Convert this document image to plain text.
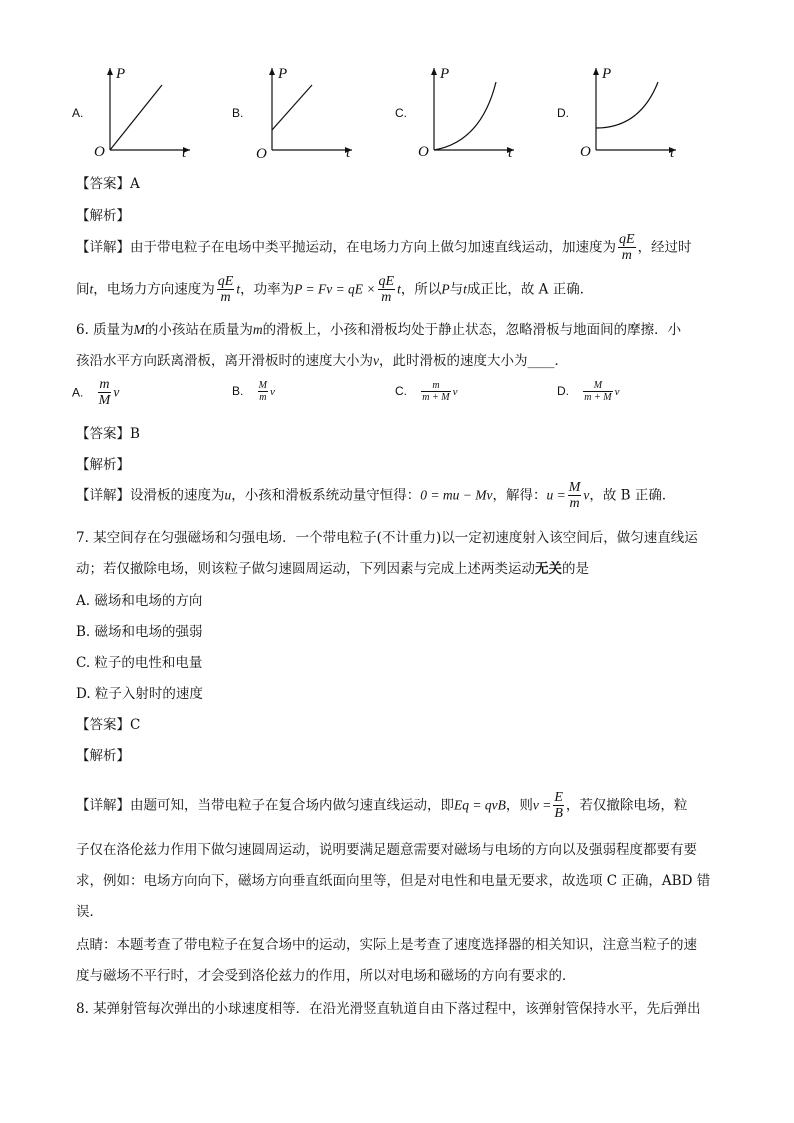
A.
P
t
O
B.
P
t
O
C.
P
t
O
D.
P
t
O
【答案】A
【解析】
【详解】由于带电粒子在电场中类平抛运动，在电场力方向上做匀加速直线运动，加速度为 $\frac{qE}{m}$ ，经过时
间t，电场力方向速度为 $\frac{qE}{m}$ t，功率为P = Fv = qE × $\frac{qE}{m}$ t，所以P与t成正比，故 A 正确．
6. 质量为M的小孩站在质量为m的滑板上，小孩和滑板均处于静止状态，忽略滑板与地面间的摩擦．小
孩沿水平方向跃离滑板，离开滑板时的速度大小为v，此时滑板的速度大小为____．
A. $\frac{m}{M}$ v	B. $\frac{M}{m}$ v	C. $\frac{m}{m + M}$ v	D. $\frac{M}{m + M}$ v
【答案】B
【解析】
【详解】设滑板的速度为u，小孩和滑板系统动量守恒得：0 = mu − Mv，解得：$u = \frac{M}{m}$ v，故 B 正确．
7. 某空间存在匀强磁场和匀强电场．一个带电粒子(不计重力)以一定初速度射入该空间后，做匀速直线运
动；若仅撤除电场，则该粒子做匀速圆周运动，下列因素与完成上述两类运动无关的是
A. 磁场和电场的方向
B. 磁场和电场的强弱
C. 粒子的电性和电量
D. 粒子入射时的速度
【答案】C
【解析】
【详解】由题可知，当带电粒子在复合场内做匀速直线运动，即Eq = qvB，则$v = \frac{E}{B}$ ，若仅撤除电场，粒
子仅在洛伦兹力作用下做匀速圆周运动，说明要满足题意需要对磁场与电场的方向以及强弱程度都要有要
求，例如：电场方向向下，磁场方向垂直纸面向里等，但是对电性和电量无要求，故选项 C 正确，ABD 错
误．
点睛：本题考查了带电粒子在复合场中的运动，实际上是考查了速度选择器的相关知识，注意当粒子的速
度与磁场不平行时，才会受到洛伦兹力的作用，所以对电场和磁场的方向有要求的．
8. 某弹射管每次弹出的小球速度相等．在沿光滑竖直轨道自由下落过程中，该弹射管保持水平，先后弹出
